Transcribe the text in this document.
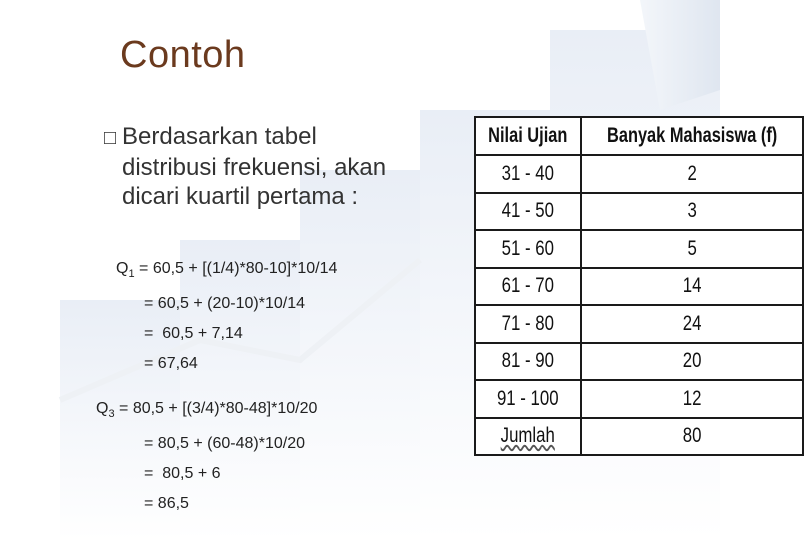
Contoh
□ Berdasarkan tabel
distribusi frekuensi, akan
dicari kuartil pertama :
$Q_1 = 60,5 + [(1/4)*80-10]*10/14$
= 60,5 + (20-10)*10/14
=  60,5 + 7,14
= 67,64
$Q_3 = 80,5 + [(3/4)*80-48]*10/20$
= 80,5 + (60-48)*10/20
=  80,5 + 6
= 86,5
Nilai Ujian	Banyak Mahasiswa (f)

31 - 40	2

41 - 50	3

51 - 60	5

61 - 70	14

71 - 80	24

81 - 90	20

91 - 100	12

Jumlah	80
